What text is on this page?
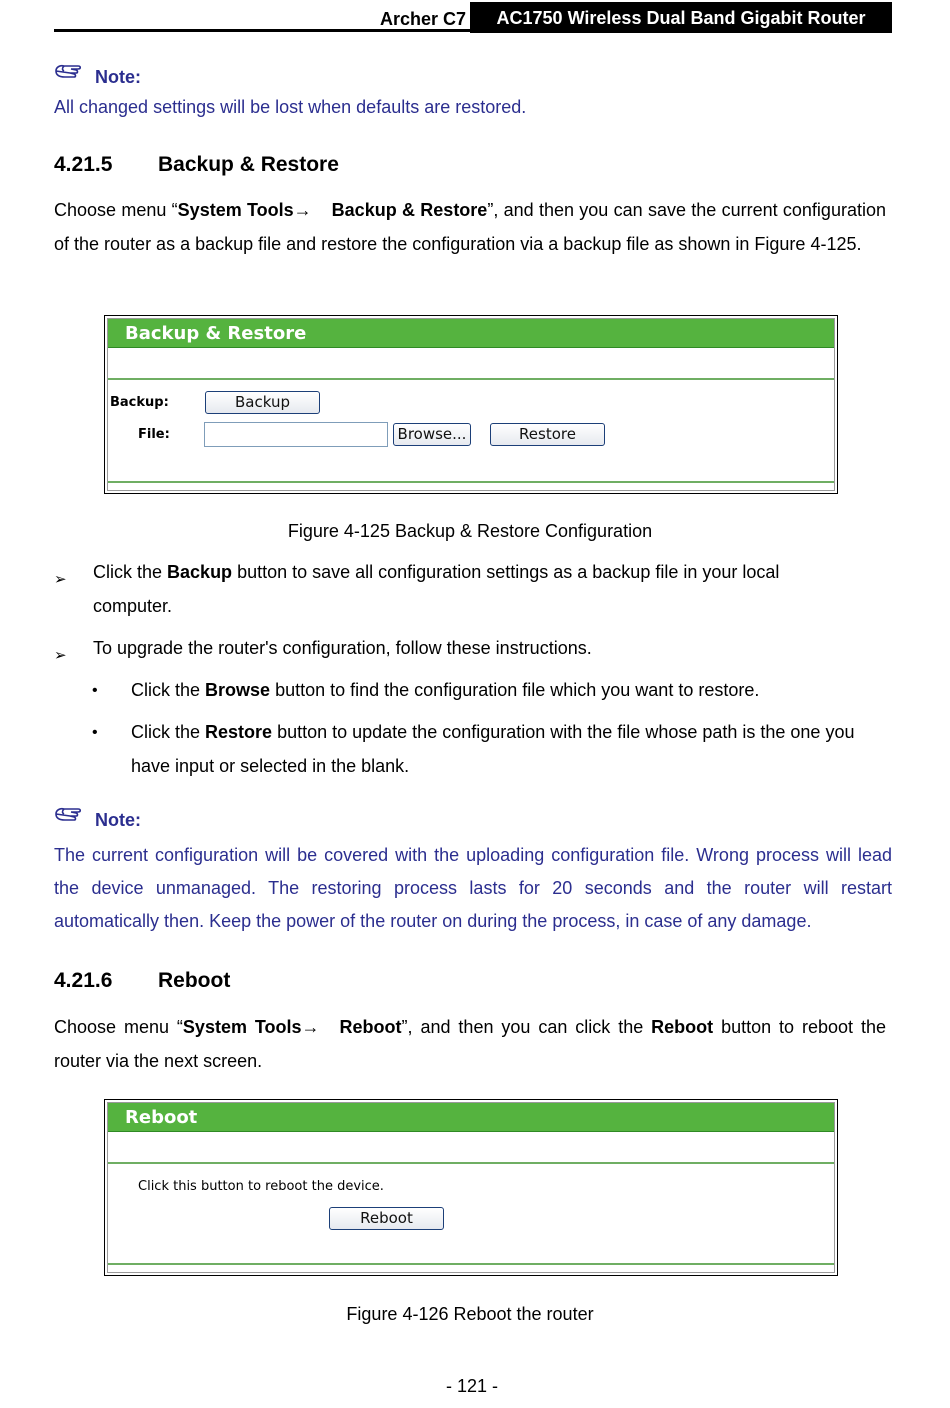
Archer C7	AC1750 Wireless Dual Band Gigabit Router
Note:
All changed settings will be lost when defaults are restored.
4.21.5 Backup & Restore
Choose menu “System Tools→ Backup & Restore”, and then you can save the current configuration of the router as a backup file and restore the configuration via a backup file as shown in Figure 4-125.
Backup & Restore
Backup:	Backup
File:	Browse...	Restore
Figure 4-125 Backup & Restore Configuration
➢ Click the Backup button to save all configuration settings as a backup file in your local computer.
➢ To upgrade the router's configuration, follow these instructions.
• Click the Browse button to find the configuration file which you want to restore.
• Click the Restore button to update the configuration with the file whose path is the one you have input or selected in the blank.
Note:
The current configuration will be covered with the uploading configuration file. Wrong process will lead the device unmanaged. The restoring process lasts for 20 seconds and the router will restart automatically then. Keep the power of the router on during the process, in case of any damage.
4.21.6 Reboot
Choose menu “System Tools→ Reboot”, and then you can click the Reboot button to reboot the router via the next screen.
Reboot
Click this button to reboot the device.
Reboot
Figure 4-126 Reboot the router
- 121 -
